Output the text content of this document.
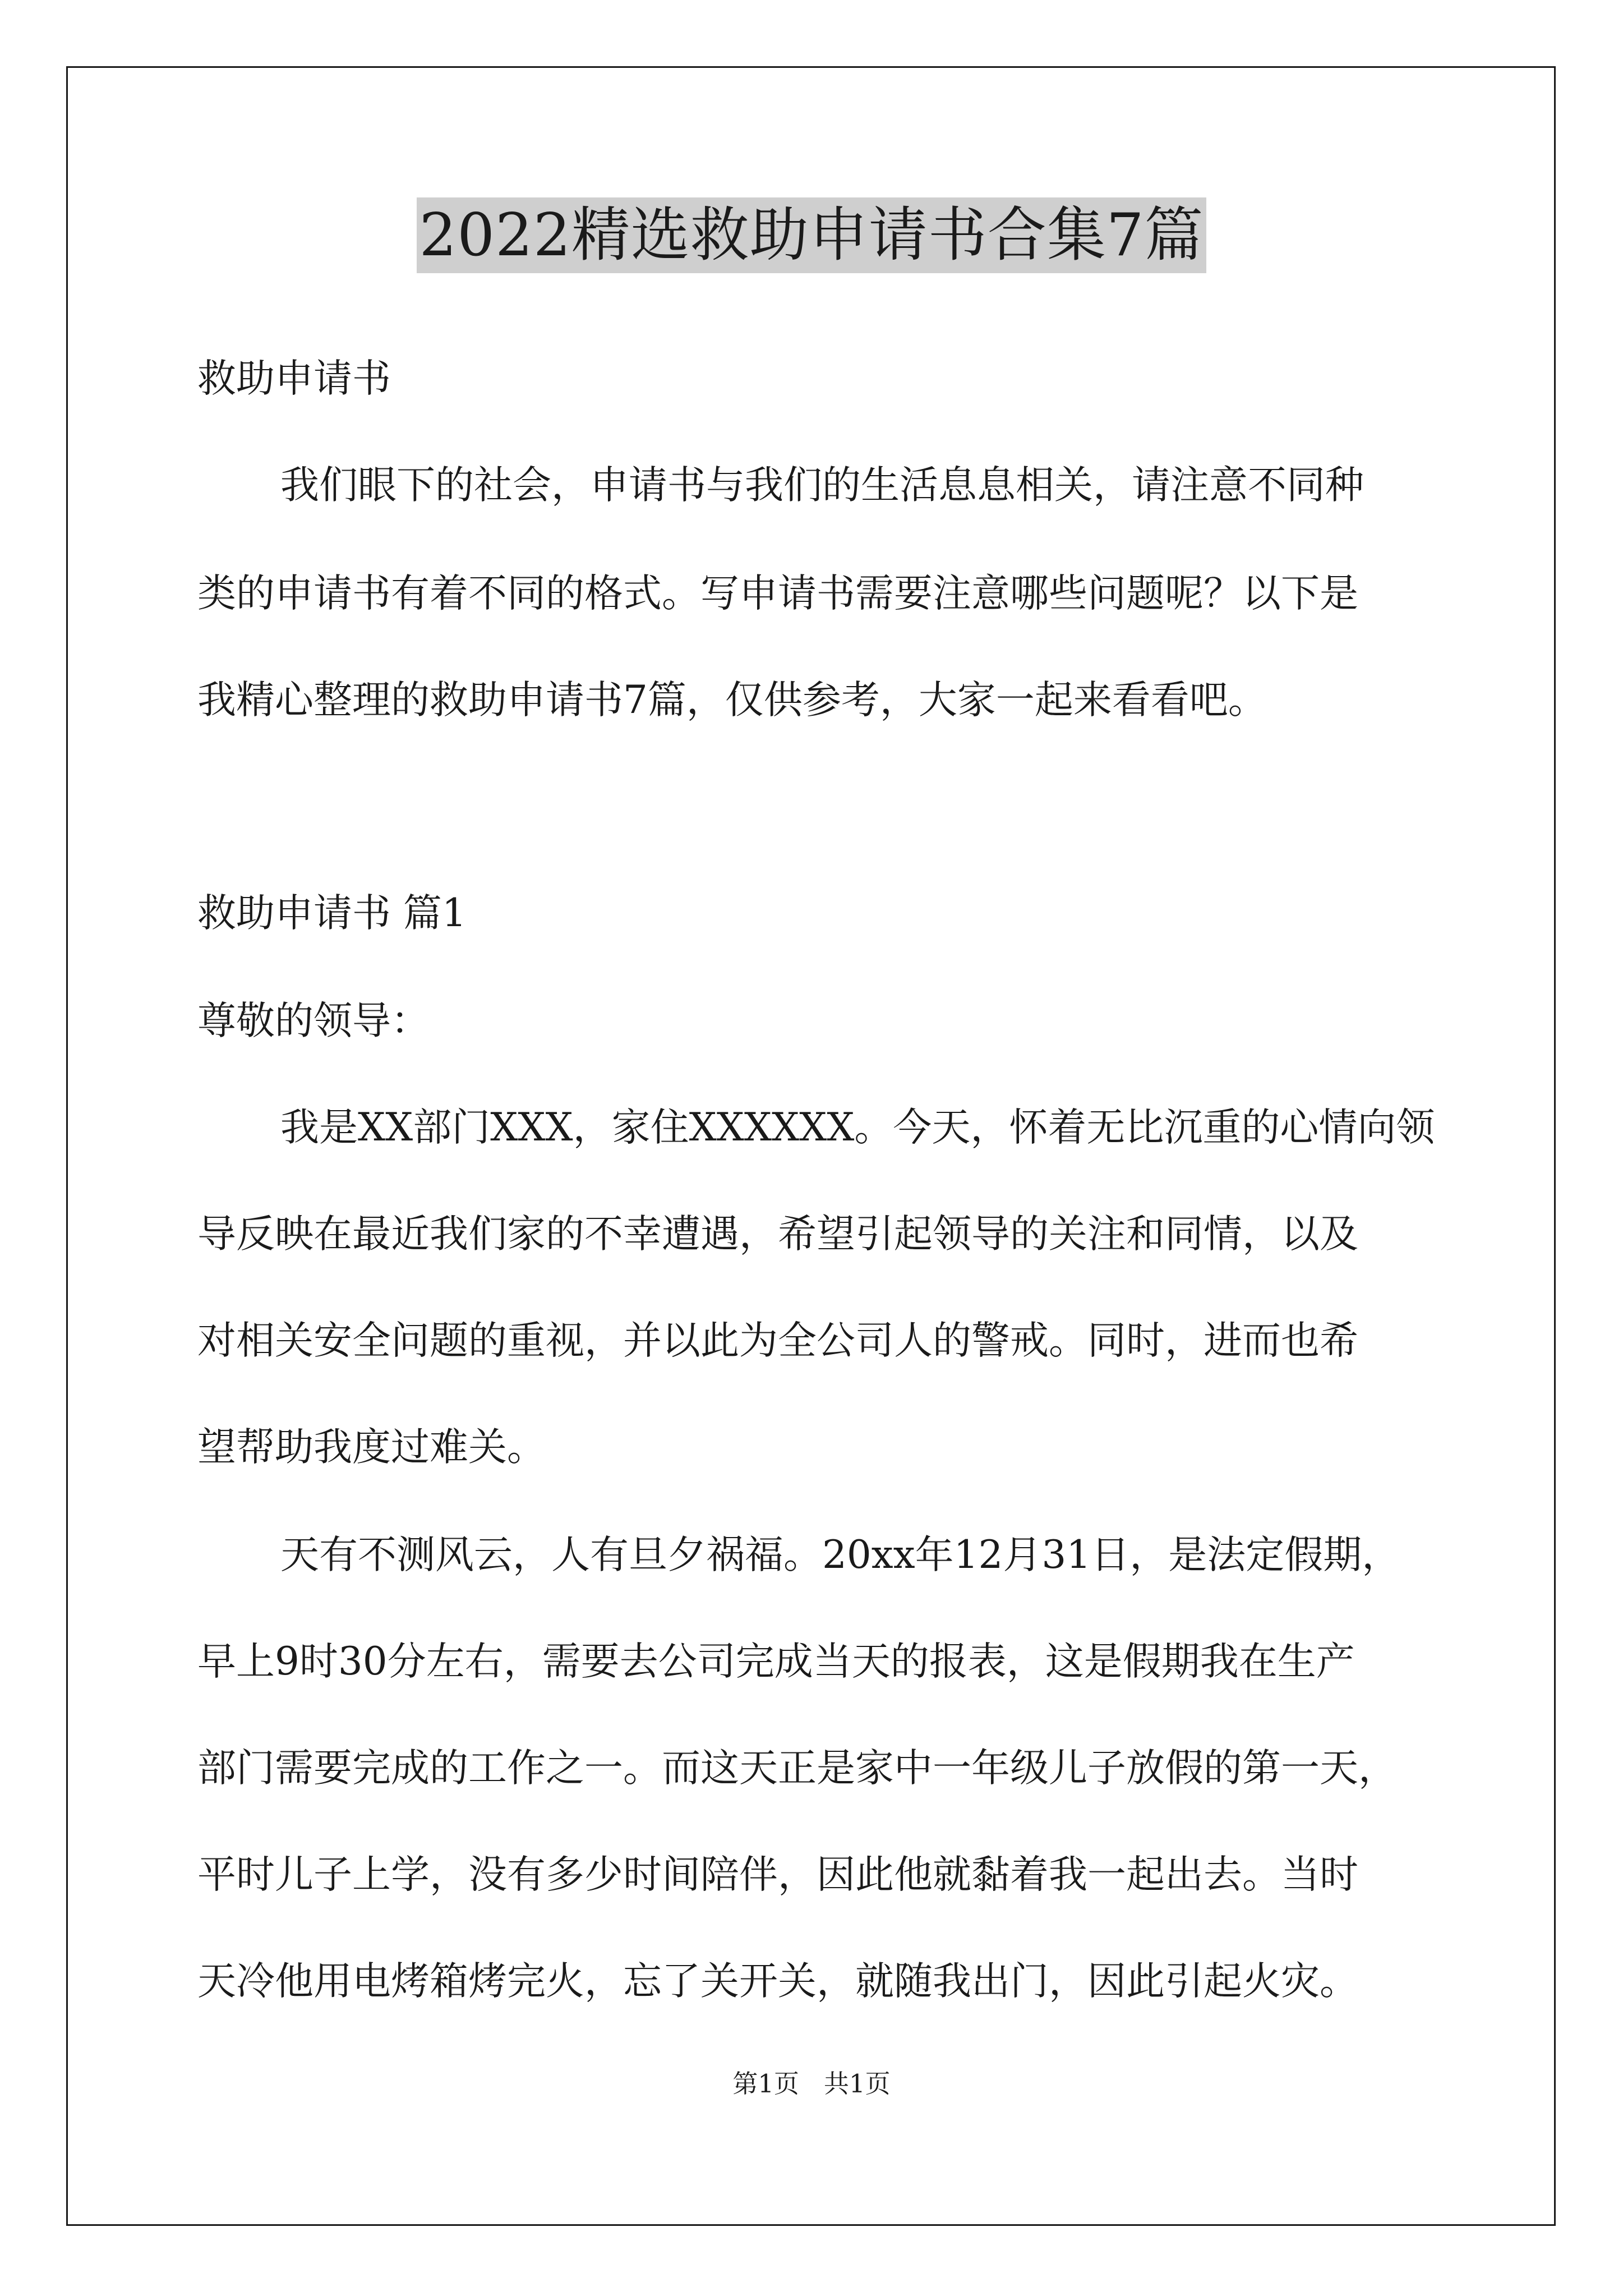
2022精选救助申请书合集7篇
救助申请书
我们眼下的社会，申请书与我们的生活息息相关，请注意不同种
类的申请书有着不同的格式。写申请书需要注意哪些问题呢？以下是
我精心整理的救助申请书7篇，仅供参考，大家一起来看看吧。
救助申请书 篇1
尊敬的领导：
我是XX部门XXX，家住XXXXXX。今天，怀着无比沉重的心情向领
导反映在最近我们家的不幸遭遇，希望引起领导的关注和同情，以及
对相关安全问题的重视，并以此为全公司人的警戒。同时，进而也希
望帮助我度过难关。
天有不测风云，人有旦夕祸福。20xx年12月31日，是法定假期，
早上9时30分左右，需要去公司完成当天的报表，这是假期我在生产
部门需要完成的工作之一。而这天正是家中一年级儿子放假的第一天，
平时儿子上学，没有多少时间陪伴，因此他就黏着我一起出去。当时
天冷他用电烤箱烤完火，忘了关开关，就随我出门，因此引起火灾。
第1页 共1页
